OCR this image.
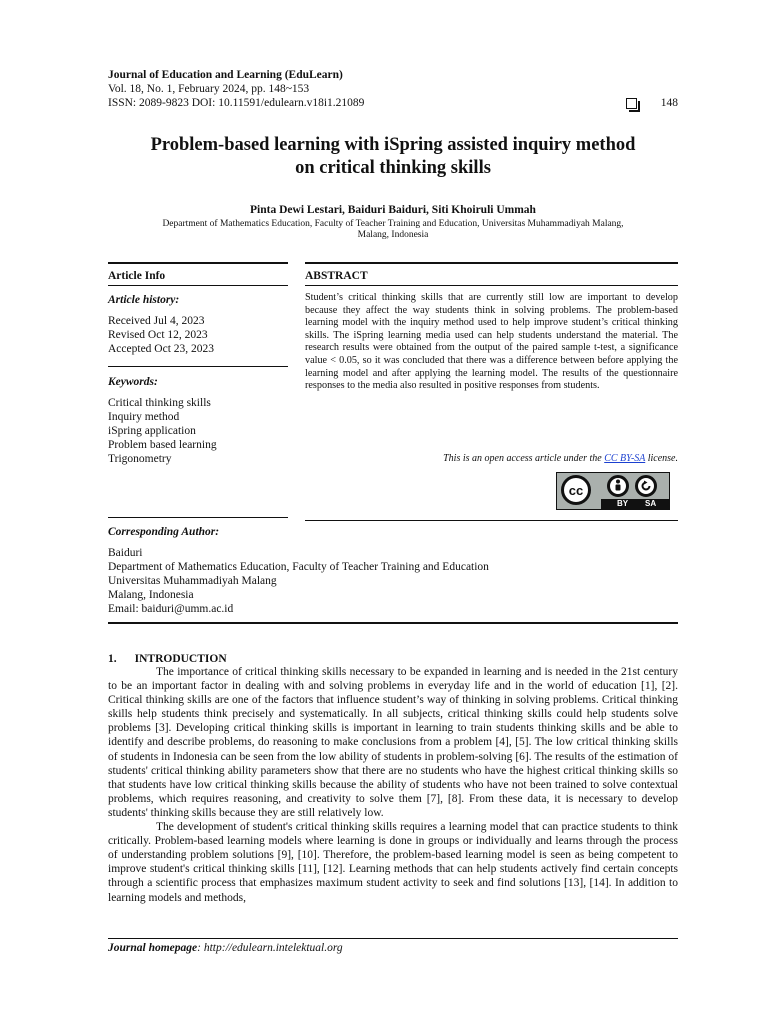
Journal of Education and Learning (EduLearn)
Vol. 18, No. 1, February 2024, pp. 148~153
ISSN: 2089-9823 DOI: 10.11591/edulearn.v18i1.21089	148
Problem-based learning with iSpring assisted inquiry method
on critical thinking skills
Pinta Dewi Lestari, Baiduri Baiduri, Siti Khoiruli Ummah
Department of Mathematics Education, Faculty of Teacher Training and Education, Universitas Muhammadiyah Malang,
Malang, Indonesia
Article Info
Article history:
Received Jul 4, 2023
Revised Oct 12, 2023
Accepted Oct 23, 2023
Keywords:
Critical thinking skills
Inquiry method
iSpring application
Problem based learning
Trigonometry
ABSTRACT
Student’s critical thinking skills that are currently still low are important to develop because they affect the way students think in solving problems. The problem-based learning model with the inquiry method used to help improve student’s critical thinking skills. The iSpring learning media used can help students understand the material. The research results were obtained from the output of the paired sample t-test, a significance value < 0.05, so it was concluded that there was a difference between before applying the learning model and after applying the learning model. The results of the questionnaire responses to the media also resulted in positive responses from students.
This is an open access article under the CC BY-SA license.
cc
BY SA
Corresponding Author:
Baiduri
Department of Mathematics Education, Faculty of Teacher Training and Education
Universitas Muhammadiyah Malang
Malang, Indonesia
Email: baiduri@umm.ac.id
1. INTRODUCTION
The importance of critical thinking skills necessary to be expanded in learning and is needed in the 21st century to be an important factor in dealing with and solving problems in everyday life and in the world of education [1], [2]. Critical thinking skills are one of the factors that influence student’s way of thinking in solving problems. Critical thinking skills help students think precisely and systematically. In all subjects, critical thinking skills could help students solve problems [3]. Developing critical thinking skills is important in learning to train students thinking skills and be able to identify and describe problems, do reasoning to make conclusions from a problem [4], [5]. The low critical thinking skills of students in Indonesia can be seen from the low ability of students in problem-solving [6]. The results of the estimation of students' critical thinking ability parameters show that there are no students who have the highest critical thinking skills so that students have low critical thinking skills because the ability of students who have not been trained to solve contextual problems, which requires reasoning, and creativity to solve them [7], [8]. From these data, it is necessary to develop students' thinking skills because they are still relatively low.
The development of student's critical thinking skills requires a learning model that can practice students to think critically. Problem-based learning models where learning is done in groups or individually and learns through the process of understanding problem solutions [9], [10]. Therefore, the problem-based learning model is seen as being competent to improve student's critical thinking skills [11], [12]. Learning methods that can help students actively find certain concepts through a scientific process that emphasizes maximum student activity to seek and find solutions [13], [14]. In addition to learning models and methods,
Journal homepage: http://edulearn.intelektual.org
